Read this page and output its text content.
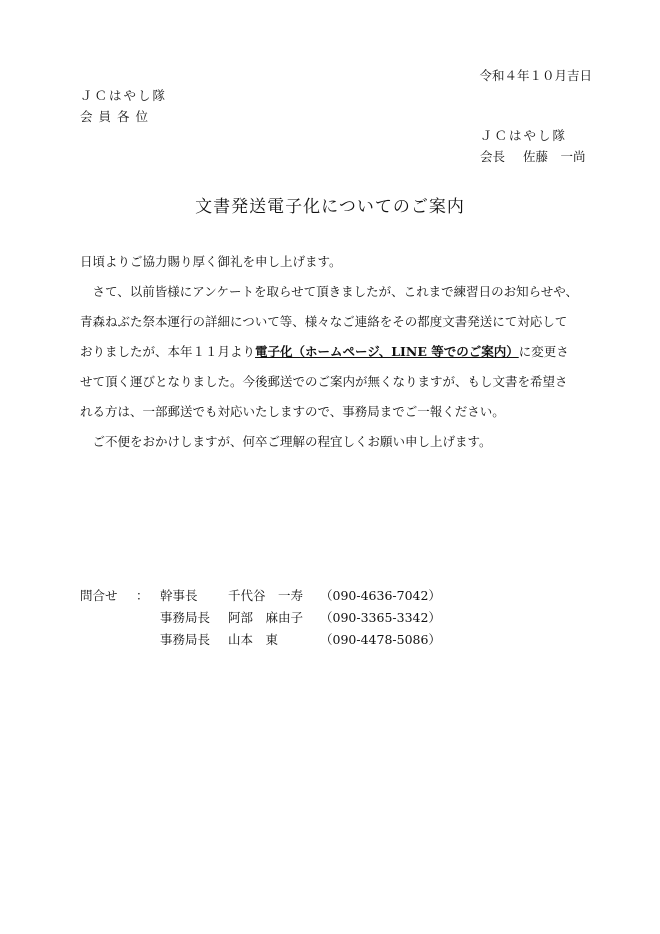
令和４年１０月吉日
ＪＣはやし隊
会員各位
ＪＣはやし隊
会長 佐藤　一尚
文書発送電子化についてのご案内

日頃よりご協力賜り厚く御礼を申し上げます。

さて、以前皆様にアンケートを取らせて頂きましたが、これまで練習日のお知らせや、

青森ねぶた祭本運行の詳細について等、様々なご連絡をその都度文書発送にて対応して

おりましたが、本年１１月より電子化（ホームページ、LINE 等でのご案内）に変更さ

せて頂く運びとなりました。今後郵送でのご案内が無くなりますが、もし文書を希望さ

れる方は、一部郵送でも対応いたしますので、事務局までご一報ください。

ご不便をおかけしますが、何卒ご理解の程宜しくお願い申し上げます。

問合せ	： 幹事長	千代谷　一寿	（090-4636-7042）
事務局長	阿部　麻由子	（090-3365-3342）
事務局長	山本　東	（090-4478-5086）
